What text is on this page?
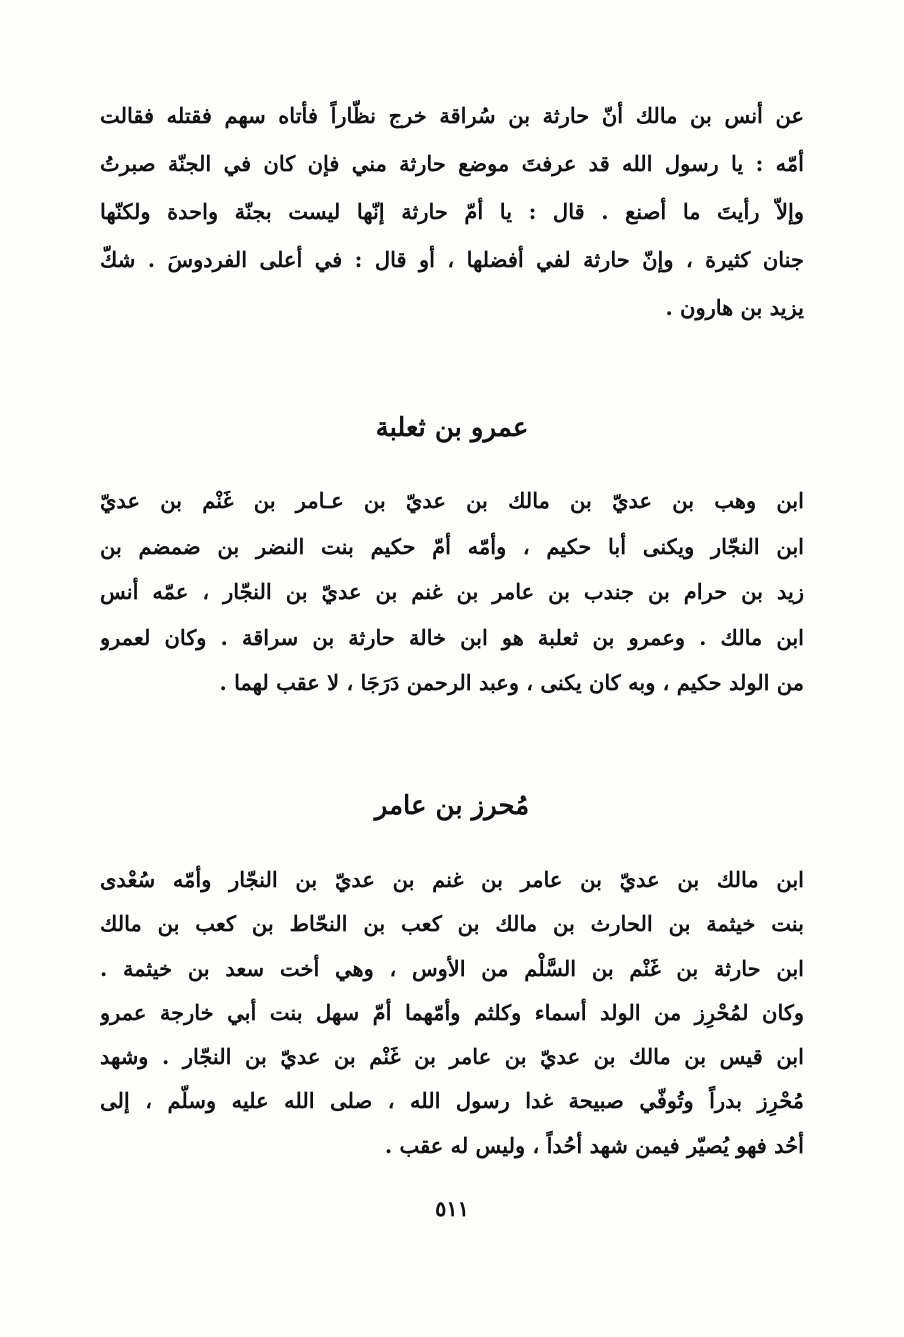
عن أنس بن مالك أنّ حارثة بن سُراقة خرج نظّاراً فأتاه سهم فقتله فقالت
أمّه : يا رسول الله قد عرفتَ موضع حارثة مني فإن كان في الجنّة صبرتُ
وإلاّ رأيتَ ما أصنع . قال : يا أمّ حارثة إنّها ليست بجنّة واحدة ولكنّها
جنان كثيرة ، وإنّ حارثة لفي أفضلها ، أو قال : في أعلى الفردوسَ . شكّ
يزيد بن هارون .
عمرو بن ثعلبة
ابن وهب بن عديّ بن مالك بن عديّ بن عـامر بن غَنْم بن عديّ
ابن النجّار ويكنى أبا حكيم ، وأمّه أمّ حكيم بنت النضر بن ضمضم بن
زيد بن حرام بن جندب بن عامر بن غنم بن عديّ بن النجّار ، عمّه أنس
ابن مالك . وعمرو بن ثعلبة هو ابن خالة حارثة بن سراقة . وكان لعمرو
من الولد حكيم ، وبه كان يكنى ، وعبد الرحمن دَرَجَا ، لا عقب لهما .
مُحرز بن عامر
ابن مالك بن عديّ بن عامر بن غنم بن عديّ بن النجّار وأمّه سُعْدى
بنت خيثمة بن الحارث بن مالك بن كعب بن النحّاط بن كعب بن مالك
ابن حارثة بن غَنْم بن السَّلْم من الأوس ، وهي أخت سعد بن خيثمة .
وكان لمُحْرِز من الولد أسماء وكلثم وأمّهما أمّ سهل بنت أبي خارجة عمرو
ابن قيس بن مالك بن عديّ بن عامر بن غَنْم بن عديّ بن النجّار . وشهد
مُحْرِز بدراً وتُوفّي صبيحة غدا رسول الله ، صلى الله عليه وسلّم ، إلى
أحُد فهو يُصيّر فيمن شهد أحُداً ، وليس له عقب .
٥١١
